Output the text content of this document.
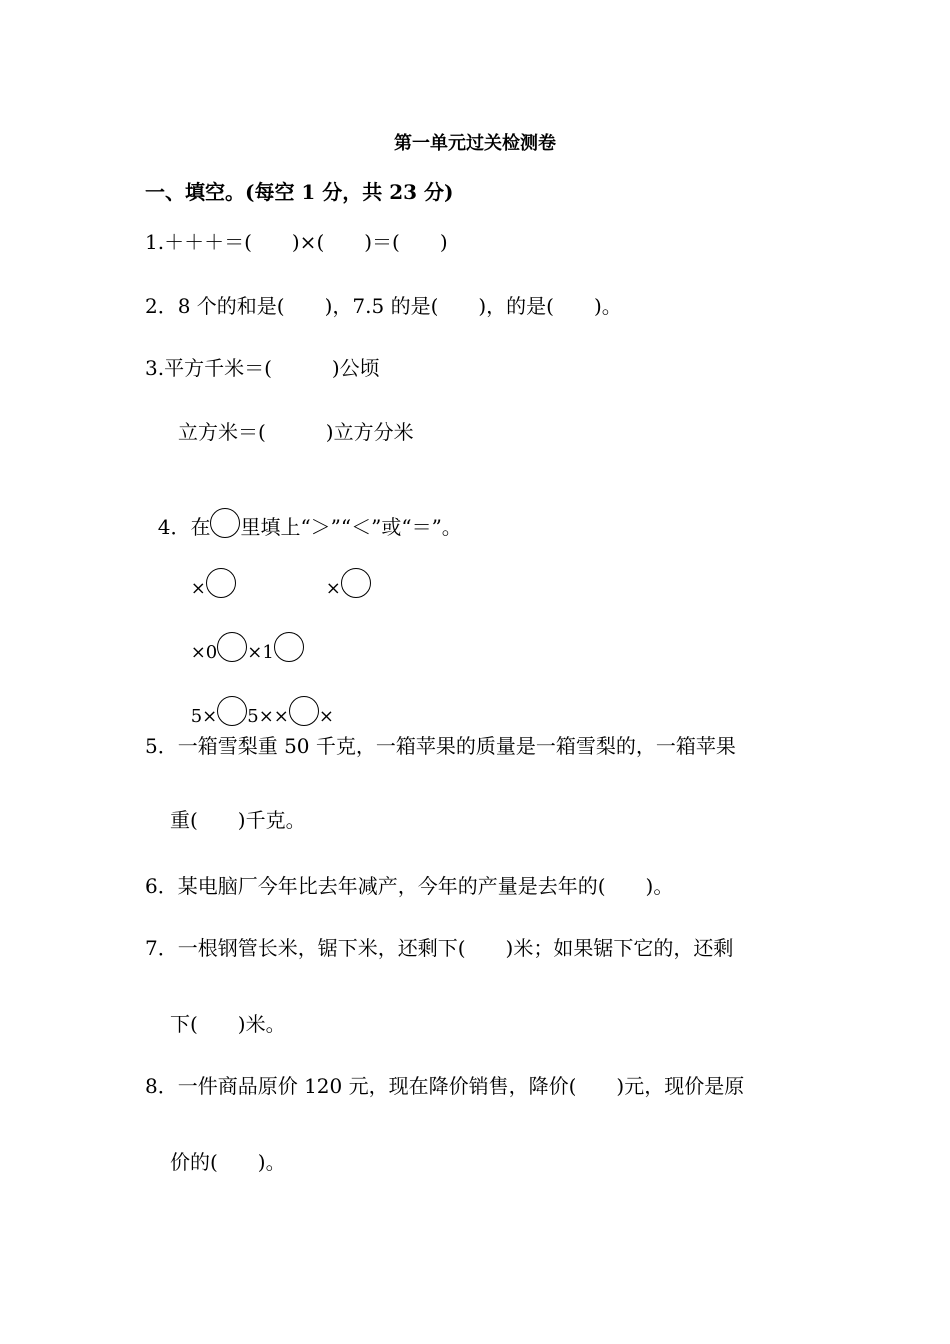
第一单元过关检测卷
一、填空。(每空 1 分，共 23 分)
1.＋＋＋＝(　　)×(　　)＝(　　)
2．8 个的和是(　　)，7.5 的是(　　)，的是(　　)。
3.平方千米＝(　　　)公顷
立方米＝(　　　)立方分米

4．在 里填上“＞”“＜”或“＝”。

×	×

×0 ×1

5× 5×× ×

5．一箱雪梨重 50 千克，一箱苹果的质量是一箱雪梨的，一箱苹果
重(　　)千克。
6．某电脑厂今年比去年减产，今年的产量是去年的(　　)。
7．一根钢管长米，锯下米，还剩下(　　)米；如果锯下它的，还剩
下(　　)米。
8．一件商品原价 120 元，现在降价销售，降价(　　)元，现价是原
价的(　　)。
